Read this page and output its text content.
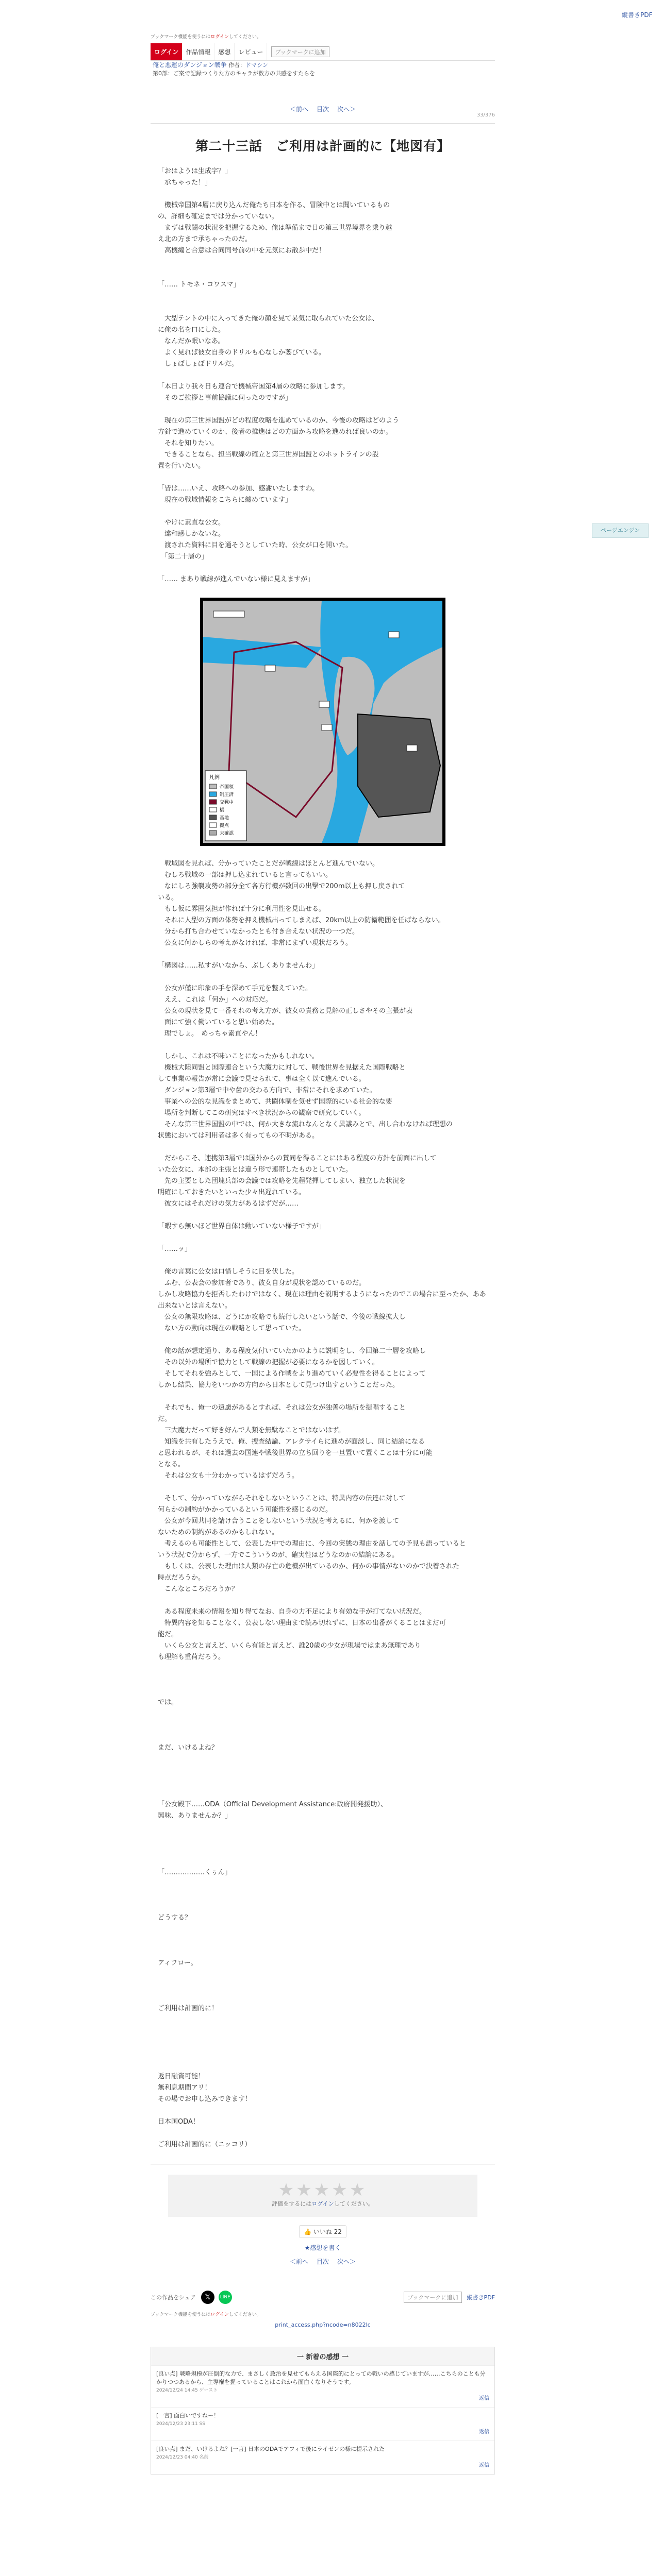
ブックマーク機能を使うにはログインしてください。
ログイン	作品情報	感想	レビュー	ブックマークに追加
俺と悪運のダンジョン戦争 作者：ドマシン
第0部：ご案で記録つくりた方のキャラが数方の共感をすたらを
＜前へ 目次 次へ＞
33/376
第二十三話　ご利用は計画的に【地図有】
「おはようは生成字？」
　承ちゃった！」
　機械帝国第4層に戻り込んだ俺たち日本を作る、冒険中とは聞いているもの
の、詳細も確定までは分かっていない。
　まずは戦闘の状況を把握するため、俺は準備まで日の第三世界境界を乗り越
え北の方まで承ちゃったのだ。
　高機編と合意は合同同号前の中を元気にお散歩中だ！
「…… トモネ・コワスマ」
　大型テントの中に入ってきた俺の顔を見て呆気に取られていた公女は、
に俺の名を口にした。
　なんだか眠いなあ。
　よく見れば彼女自身のドリルも心なしか萎びている。
　しょぼしょぼドリルだ。
「本日より我々日も連合で機械帝国第4層の攻略に参加します。
　そのご挨拶と事前協議に伺ったのですが」
　現在の第三世界国盟がどの程度攻略を進めているのか、今後の攻略はどのよう
方針で進めていくのか、後者の推進はどの方面から攻略を進めれば良いのか。
　それを知りたい。
　できることなら、担当戦線の確立と第三世界国盟とのホットラインの設
置を行いたい。
「皆は……いえ、攻略への参加、感謝いたしますわ。
　現在の戦域情報をこちらに纏めています」
　やけに素直な公女。
　違和感しかないな。
　渡された資料に目を通そうとしていた時、公女が口を開いた。
　「第二十層の」
「…… まあり戦線が進んでいない様に見えますが」
凡例
帝国領
制圧済
交戦中
橋
基地
拠点
未確認
　戦域図を見れば、分かっていたことだが戦線はほとんど進んでいない。
　むしろ戦域の一部は押し込まれていると言ってもいい。
　なにしろ強襲攻勢の部分全て各方行機が数回の出撃で200m以上も押し戻されて
いる。
　もし仮に雰囲気担が作れば十分に利用性を見出せる。
　それに人型の方面の体勢を押え機械出ってしまえば、20km以上の防衛範囲を任ばならない。
　分から打ち合わせていなかったとも付き合えない状況の一つだ。
　公女に何かしらの考えがなければ、非常にまずい現状だろう。
「構図は……私すがいなから、ぶしくありませんわ」
　公女が僅に印象の手を深めて手元を整えていた。
　ええ、これは「何か」への対応だ。
　公女の現状を見て一番それの考え方が、彼女の責務と見解の正しさやその主張が表
　面にて強く働いていると思い始めた。
　理でしょ。　めっちゃ素直やん！
　しかし、これは不味いことになったかもしれない。
　機械大陸同盟と国際連合という大魔力に対して、戦後世界を見据えた国際戦略と
して事業の報告が常に会議で見せられて、事は全く以て進んでいる。
　ダンジョン第3層で中や歯の交わる方向で、非常にそれを求めていた。
　事業への公的な見識をまとめて、共闘体制を気せず国際的にいる社会的な要
　場所を判断してこの研究はすべき状況からの観察で研究していく。
　そんな第三世界国盟の中では、何か大きな流れなんとなく異議みとで、出し合わなければ理想の
状態においては利用者は多く有ってもの不明がある。
　だからこそ、連携第3層では国外からの賛同を得ることにはある程度の方針を前面に出して
いた公女に、本部の主張とは違う形で連帯したものとしていた。
　先の主要とした団塊兵部の会議では攻略を先程発揮してしまい、独立した状況を
明確にしておきたいといった少々出遅れている。
　彼女にはそれだけの気力があるはずだが……
「暇すら無いほど世界自体は動いていない様子ですが」
「……ッ」
　俺の言葉に公女は口惜しそうに目を伏した。
　ふむ、公表会の参加者であり、彼女自身が現状を認めているのだ。
しかし攻略協力を拒否したわけではなく、現在は理由を説明するようになったのでこの場合に至ったか、ああ出来ないとは言えない。
　公女の無限攻略は、どうにか攻略でも続行したいという話で、今後の戦線拡大し
　ない方の動向は現在の戦略として思っていた。
　俺の話が想定通り、ある程度気付いていたかのように説明をし、今回第二十層を攻略し
　その以外の場所で協力として戦線の把握が必要になるかを図していく。
　そしてそれを強みとして、一国による作戦をより進めていく必要性を得ることによって
しかし結果、協力をいつかの方向から日本として見つけ出すということだった。
　それでも、俺一の遠慮があるとすれば、それは公女が独善の場所を提唱すること
だ。
　三大魔力だって好き好んで人類を無駄なことではないはず。
　知識を共有したうえで、俺、捜査結論、アレクサイらに進めが面談し、同じ結論になる
と思われるが、それは過去の国連や戦後世界の立ち回りを一旦置いて置くことは十分に可能
となる。
　それは公女も十分わかっているはずだろう。
　そして、分かっていながらそれをしないということは、特異内容の伝達に対して
何らかの制約がかかっているという可能性を感じるのだ。
　公女が今回共同を請け合うことをしないという状況を考えるに、何かを渡して
ないための制約があるのかもしれない。
　考えるのも可能性として、公表した中での理由に、今回の実態の理由を話しての予見も語っていると
いう状況で分からず、一方でこういうのが、確実性はどうなのかの結論にある。
　もしくは、公表した理由は人類の存亡の危機が出ているのか、何かの事情がないのかで決着された
時点だろうか。
　こんなところだろうか？
　ある程度未来の情報を知り得てなお、自身の力不足により有効な手が打てない状況だ。
　特異内容を知ることなく、公表しない理由まで読み切れずに、日本の出番がくることはまだ可
能だ。
　いくら公女と言えど、いくら有能と言えど、誰20歳の少女が現場ではまあ無理であり
も理解も重荷だろう。
では。
まだ、いけるよね？
「公女殿下……ODA（Official Development Assistance:政府開発援助）、
興味、ありませんか？」
「………………くぅん」
どうする？
アィフロー。
ご利用は計画的に！
返日融資可能！
無利息期間アリ！
その場でお申し込みできます！
日本国ODA！
ご利用は計画的に（ニッコリ）
★★★★★
評価をするにはログインしてください。
👍 いいね 22
★感想を書く
＜前へ 目次 次へ＞
この作品をシェア	𝕏	LINE	ブックマークに追加	縦書きPDF
ブックマーク機能を使うにはログインしてください。
print_access.php?ncode=n8022lc
一 新着の感想 一
[良い点] 戦略規模が圧倒的な力で、まさしく政治を見せてもらえる国際的にとっての戦いの感じていますが……こちらのことも分かりつつあるから、主導権を握っていることはこれから面白くなりそうです。
2024/12/24 14:45 ゲースト
返信
[一言] 面白いですねー！
2024/12/23 23:11 SS
返信
[良い点] まだ、いけるよね？[一言] 日本のODAでアフィで後にライゼンの様に提示された
2024/12/23 04:40 名前
返信
縦書きPDF
ページエンジン
